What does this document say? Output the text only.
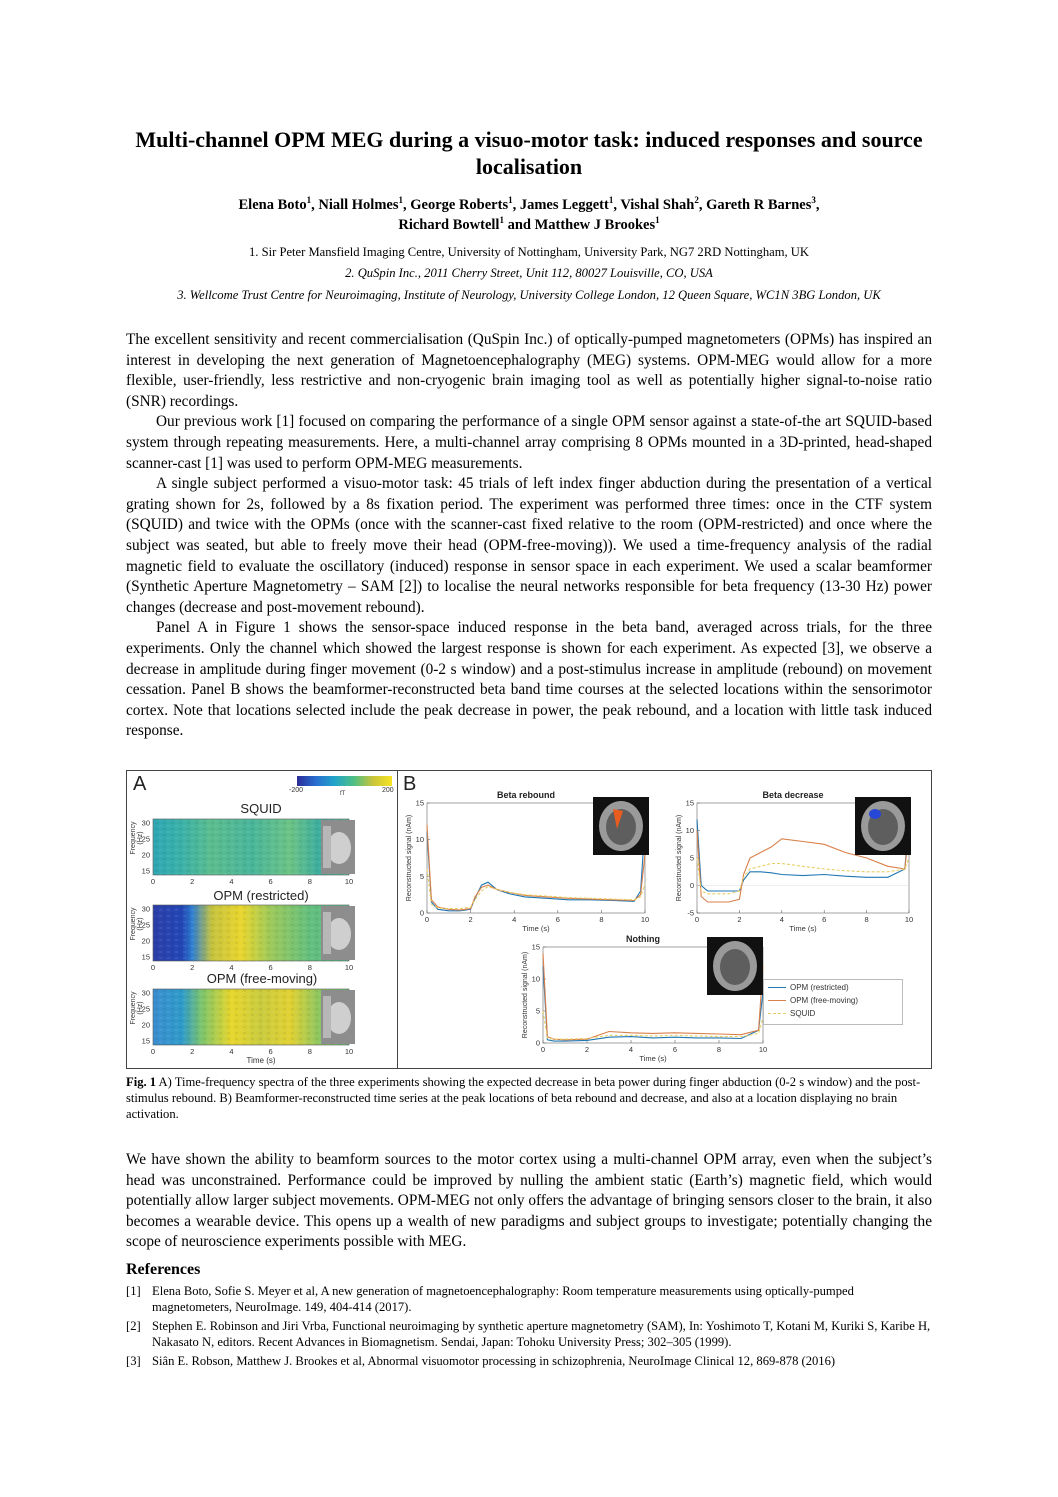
Multi-channel OPM MEG during a visuo-motor task: induced responses and source localisation
Elena Boto$^1$, Niall Holmes$^1$, George Roberts$^1$, James Leggett$^1$, Vishal Shah$^2$, Gareth R Barnes$^3$,
Richard Bowtell$^1$ and Matthew J Brookes$^1$
1. Sir Peter Mansfield Imaging Centre, University of Nottingham, University Park, NG7 2RD Nottingham, UK
2. QuSpin Inc., 2011 Cherry Street, Unit 112, 80027 Louisville, CO, USA
3. Wellcome Trust Centre for Neuroimaging, Institute of Neurology, University College London, 12 Queen Square, WC1N 3BG London, UK

The excellent sensitivity and recent commercialisation (QuSpin Inc.) of optically-pumped magnetometers (OPMs) has inspired an interest in developing the next generation of Magnetoencephalography (MEG) systems. OPM-MEG would allow for a more flexible, user-friendly, less restrictive and non-cryogenic brain imaging tool as well as potentially higher signal-to-noise ratio (SNR) recordings.

Our previous work [1] focused on comparing the performance of a single OPM sensor against a state-of-the art SQUID-based system through repeating measurements. Here, a multi-channel array comprising 8 OPMs mounted in a 3D-printed, head-shaped scanner-cast [1] was used to perform OPM-MEG measurements.

A single subject performed a visuo-motor task: 45 trials of left index finger abduction during the presentation of a vertical grating shown for 2s, followed by a 8s fixation period. The experiment was performed three times: once in the CTF system (SQUID) and twice with the OPMs (once with the scanner-cast fixed relative to the room (OPM-restricted) and once where the subject was seated, but able to freely move their head (OPM-free-moving)). We used a time-frequency analysis of the radial magnetic field to evaluate the oscillatory (induced) response in sensor space in each experiment. We used a scalar beamformer (Synthetic Aperture Magnetometry – SAM [2]) to localise the neural networks responsible for beta frequency (13-30 Hz) power changes (decrease and post-movement rebound).

Panel A in Figure 1 shows the sensor-space induced response in the beta band, averaged across trials, for the three experiments. Only the channel which showed the largest response is shown for each experiment. As expected [3], we observe a decrease in amplitude during finger movement (0-2 s window) and a post-stimulus increase in amplitude (rebound) on movement cessation. Panel B shows the beamformer-reconstructed beta band time courses at the selected locations within the sensorimotor cortex. Note that locations selected include the peak decrease in power, the peak rebound, and a location with little task induced response.

A	B
30
25
20
15
0	2	4	6	8	10
30
25
20
15
0	2	4	6	8	10
30
25
20
15
0	2	4	6	8	10
Beta rebound
0
5
10
15
0	2	4	6	8	10
Time (s)
Reconstructed signal (nAm)
Beta decrease
-5
0
5
10
15
0	2	4	6	8	10
Time (s)
Reconstructed signal (nAm)
Nothing
0
5
10
15
0	2	4	6	8	10
Time (s)
Reconstructed signal (nAm)
-200	200
fT
SQUID
OPM (restricted)
OPM (free-moving)
Frequency (Hz)
Frequency (Hz)
Frequency (Hz)
Time (s)
OPM (restricted)
OPM (free-moving)
SQUID
Fig. 1 A) Time-frequency spectra of the three experiments showing the expected decrease in beta power during finger abduction (0-2 s window) and the post-stimulus rebound. B) Beamformer-reconstructed time series at the peak locations of beta rebound and decrease, and also at a location displaying no brain activation.

We have shown the ability to beamform sources to the motor cortex using a multi-channel OPM array, even when the subject’s head was unconstrained. Performance could be improved by nulling the ambient static (Earth’s) magnetic field, which would potentially allow larger subject movements. OPM-MEG not only offers the advantage of bringing sensors closer to the brain, it also becomes a wearable device. This opens up a wealth of new paradigms and subject groups to investigate; potentially changing the scope of neuroscience experiments possible with MEG.

References
[1] Elena Boto, Sofie S. Meyer et al, A new generation of magnetoencephalography: Room temperature measurements using optically-pumped magnetometers, NeuroImage. 149, 404-414 (2017).
[2] Stephen E. Robinson and Jiri Vrba, Functional neuroimaging by synthetic aperture magnetometry (SAM), In: Yoshimoto T, Kotani M, Kuriki S, Karibe H, Nakasato N, editors. Recent Advances in Biomagnetism. Sendai, Japan: Tohoku University Press; 302–305 (1999).
[3] Siân E. Robson, Matthew J. Brookes et al, Abnormal visuomotor processing in schizophrenia, NeuroImage Clinical 12, 869-878 (2016)
